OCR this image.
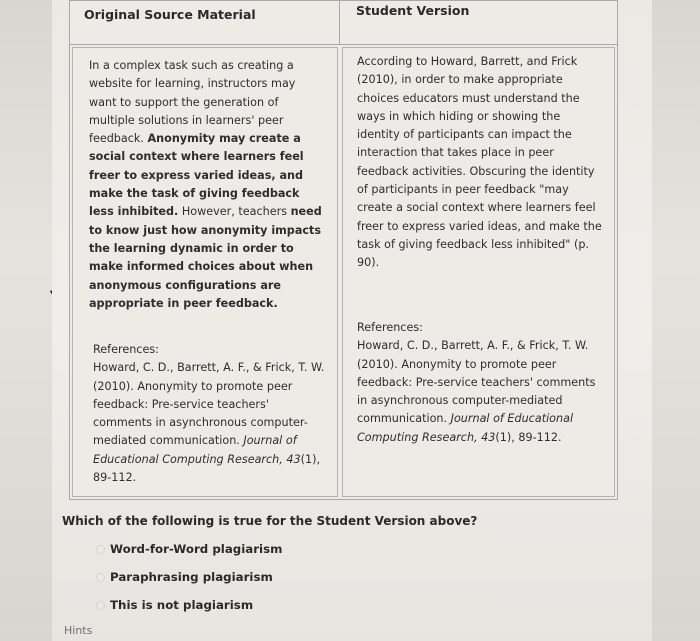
Original Source Material	Student Version
In a complex task such as creating a website for learning, instructors may want to support the generation of multiple solutions in learners' peer feedback. Anonymity may create a social context where learners feel freer to express varied ideas, and make the task of giving feedback less inhibited. However, teachers need to know just how anonymity impacts the learning dynamic in order to make informed choices about when anonymous configurations are appropriate in peer feedback.
References:
Howard, C. D., Barrett, A. F., & Frick, T. W. (2010). Anonymity to promote peer feedback: Pre-service teachers' comments in asynchronous computer-mediated communication. Journal of Educational Computing Research, 43(1), 89-112.
According to Howard, Barrett, and Frick (2010), in order to make appropriate choices educators must understand the ways in which hiding or showing the identity of participants can impact the interaction that takes place in peer feedback activities. Obscuring the identity of participants in peer feedback "may create a social context where learners feel freer to express varied ideas, and make the task of giving feedback less inhibited" (p. 90).
References:
Howard, C. D., Barrett, A. F., & Frick, T. W. (2010). Anonymity to promote peer feedback: Pre-service teachers' comments in asynchronous computer-mediated communication. Journal of Educational Computing Research, 43(1), 89-112.
Which of the following is true for the Student Version above?
Word-for-Word plagiarism
Paraphrasing plagiarism
This is not plagiarism
Hints
